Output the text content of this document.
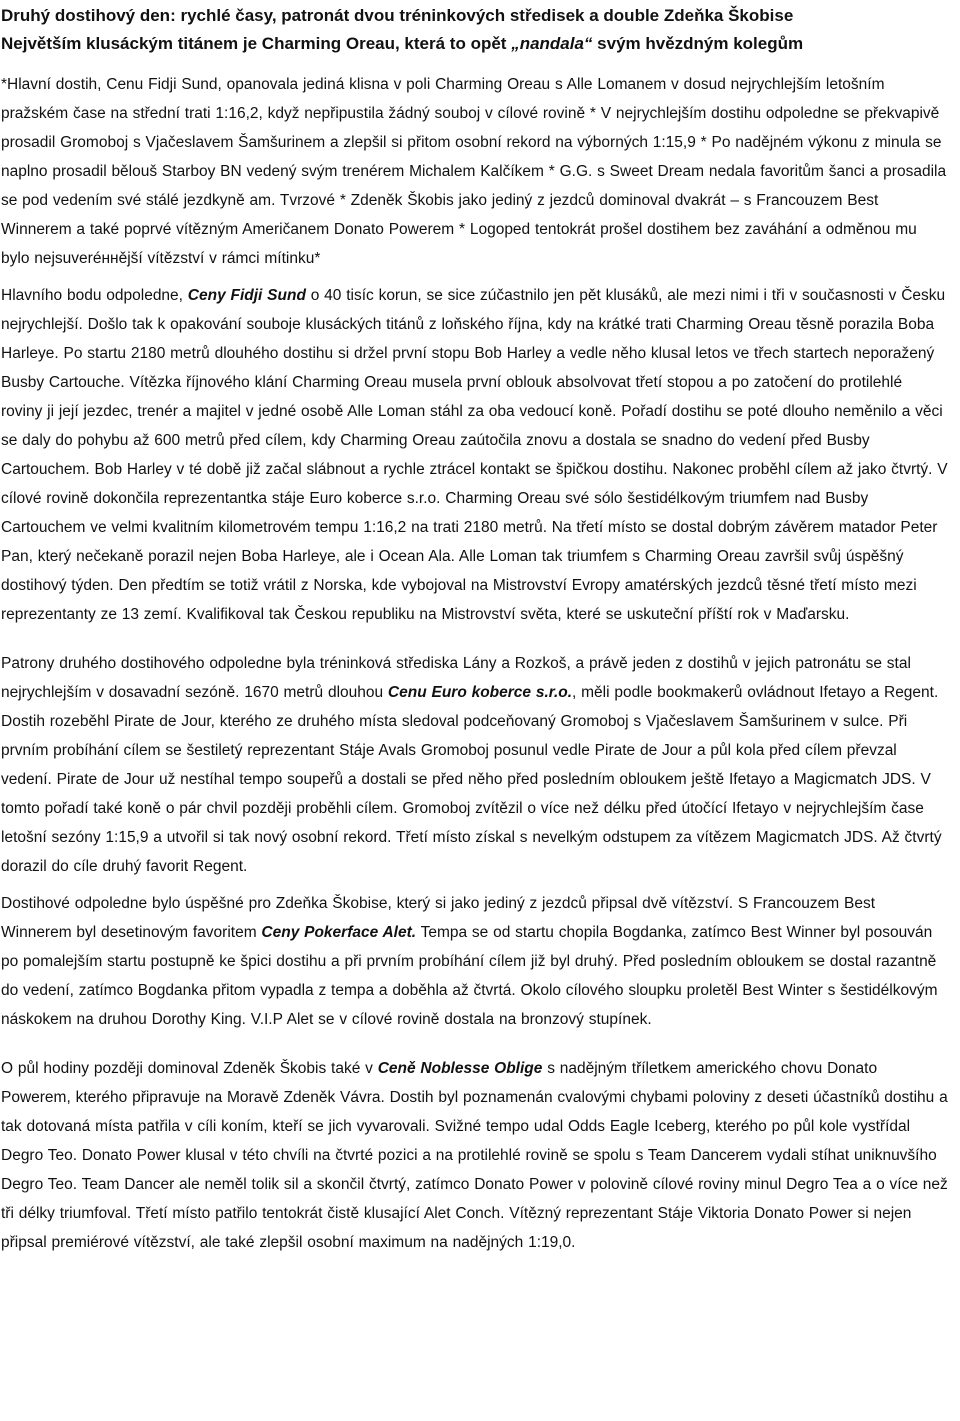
Druhý dostihový den: rychlé časy, patronát dvou tréninkových středisek a double Zdeňka Škobise
Největším klusáckým titánem je Charming Oreau, která to opět „nandala“ svým hvězdným kolegům

*Hlavní dostih, Cenu Fidji Sund, opanovala jediná klisna v poli Charming Oreau s Alle Lomanem v dosud nejrychlejším letošním pražském čase na střední trati 1:16,2, když nepřipustila žádný souboj v cílové rovině * V nejrychlejším dostihu odpoledne se překvapivě prosadil Gromoboj s Vjačeslavem Šamšurinem a zlepšil si přitom osobní rekord na výborných 1:15,9 * Po nadějném výkonu z minula se naplno prosadil bělouš Starboy BN vedený svým trenérem Michalem Kalčíkem * G.G. s Sweet Dream nedala favoritům šanci a prosadila se pod vedením své stálé jezdkyně am. Tvrzové * Zdeněk Škobis jako jediný z jezdců dominoval dvakrát – s Francouzem Best Winnerem a také poprvé vítězným Američanem Donato Powerem * Logoped tentokrát prošel dostihem bez zaváhání a odměnou mu bylo nejsuveréннější vítězství v rámci mítinku*

Hlavního bodu odpoledne, Ceny Fidji Sund o 40 tisíc korun, se sice zúčastnilo jen pět klusáků, ale mezi nimi i tři v současnosti v Česku nejrychlejší. Došlo tak k opakování souboje klusáckých titánů z loňského října, kdy na krátké trati Charming Oreau těsně porazila Boba Harleye. Po startu 2180 metrů dlouhého dostihu si držel první stopu Bob Harley a vedle něho klusal letos ve třech startech neporažený Busby Cartouche. Vítězka říjnového klání Charming Oreau musela první oblouk absolvovat třetí stopou a po zatočení do protilehlé roviny ji její jezdec, trenér a majitel v jedné osobě Alle Loman stáhl za oba vedoucí koně. Pořadí dostihu se poté dlouho neměnilo a věci se daly do pohybu až 600 metrů před cílem, kdy Charming Oreau zaútočila znovu a dostala se snadno do vedení před Busby Cartouchem. Bob Harley v té době již začal slábnout a rychle ztrácel kontakt se špičkou dostihu. Nakonec proběhl cílem až jako čtvrtý. V cílové rovině dokončila reprezentantka stáje Euro koberce s.r.o. Charming Oreau své sólo šestidélkovým triumfem nad Busby Cartouchem ve velmi kvalitním kilometrovém tempu 1:16,2 na trati 2180 metrů. Na třetí místo se dostal dobrým závěrem matador Peter Pan, který nečekaně porazil nejen Boba Harleye, ale i Ocean Ala. Alle Loman tak triumfem s Charming Oreau završil svůj úspěšný dostihový týden. Den předtím se totiž vrátil z Norska, kde vybojoval na Mistrovství Evropy amatérských jezdců těsné třetí místo mezi reprezentanty ze 13 zemí. Kvalifikoval tak Českou republiku na Mistrovství světa, které se uskuteční příští rok v Maďarsku.

Patrony druhého dostihového odpoledne byla tréninková střediska Lány a Rozkoš, a právě jeden z dostihů v jejich patronátu se stal nejrychlejším v dosavadní sezóně. 1670 metrů dlouhou Cenu Euro koberce s.r.o., měli podle bookmakerů ovládnout Ifetayo a Regent. Dostih rozeběhl Pirate de Jour, kterého ze druhého místa sledoval podceňovaný Gromoboj s Vjačeslavem Šamšurinem v sulce. Při prvním probíhání cílem se šestiletý reprezentant Stáje Avals Gromoboj posunul vedle Pirate de Jour a půl kola před cílem převzal vedení. Pirate de Jour už nestíhal tempo soupeřů a dostali se před něho před posledním obloukem ještě Ifetayo a Magicmatch JDS. V tomto pořadí také koně o pár chvil později proběhli cílem. Gromoboj zvítězil o více než délku před útočící Ifetayo v nejrychlejším čase letošní sezóny 1:15,9 a utvořil si tak nový osobní rekord. Třetí místo získal s nevelkým odstupem za vítězem Magicmatch JDS. Až čtvrtý dorazil do cíle druhý favorit Regent.

Dostihové odpoledne bylo úspěšné pro Zdeňka Škobise, který si jako jediný z jezdců připsal dvě vítězství. S Francouzem Best Winnerem byl desetinovým favoritem Ceny Pokerface Alet. Tempa se od startu chopila Bogdanka, zatímco Best Winner byl posouván po pomalejším startu postupně ke špici dostihu a při prvním probíhání cílem již byl druhý. Před posledním obloukem se dostal razantně do vedení, zatímco Bogdanka přitom vypadla z tempa a doběhla až čtvrtá. Okolo cílového sloupku proletěl Best Winter s šestidélkovým náskokem na druhou Dorothy King. V.I.P Alet se v cílové rovině dostala na bronzový stupínek.

O půl hodiny později dominoval Zdeněk Škobis také v Ceně Noblesse Oblige s nadějným tříletkem amerického chovu Donato Powerem, kterého připravuje na Moravě Zdeněk Vávra. Dostih byl poznamenán cvalovými chybami poloviny z deseti účastníků dostihu a tak dotovaná místa patřila v cíli koním, kteří se jich vyvarovali. Svižné tempo udal Odds Eagle Iceberg, kterého po půl kole vystřídal Degro Teo. Donato Power klusal v této chvíli na čtvrté pozici a na protilehlé rovině se spolu s Team Dancerem vydali stíhat uniknuvšího Degro Teo. Team Dancer ale neměl tolik sil a skončil čtvrtý, zatímco Donato Power v polovině cílové roviny minul Degro Tea a o více než tři délky triumfoval. Třetí místo patřilo tentokrát čistě klusající Alet Conch. Vítězný reprezentant Stáje Viktoria Donato Power si nejen připsal premiérové vítězství, ale také zlepšil osobní maximum na nadějných 1:19,0.
